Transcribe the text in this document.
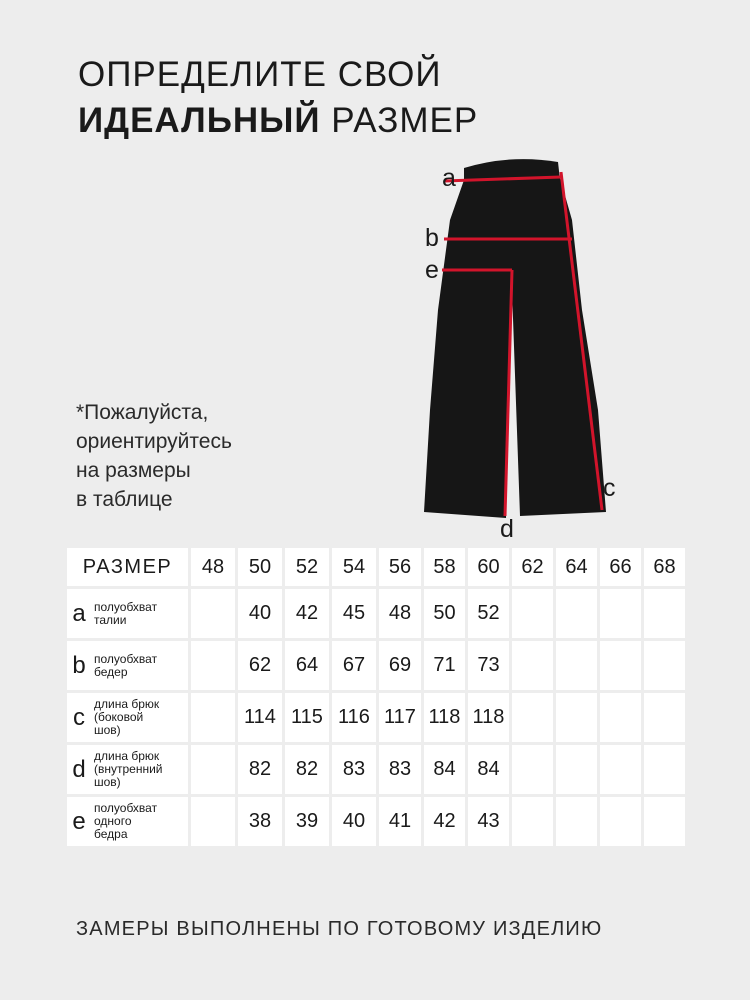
ОПРЕДЕЛИТЕ СВОЙ
ИДЕАЛЬНЫЙ РАЗМЕР
*Пожалуйста,
ориентируйтесь
на размеры
в таблице
a
b
e
c
d
РАЗМЕР	48	50	52	54	56	58	60	62	64	66	68

a полуобхват
талии		40	42	45	48	50	52				

b полуобхват
бедер		62	64	67	69	71	73				

c длина брюк
(боковой
шов)		114	115	116	117	118	118				

d длина брюк
(внутренний
шов)		82	82	83	83	84	84				

e полуобхват
одного
бедра		38	39	40	41	42	43				
ЗАМЕРЫ ВЫПОЛНЕНЫ ПО ГОТОВОМУ ИЗДЕЛИЮ
